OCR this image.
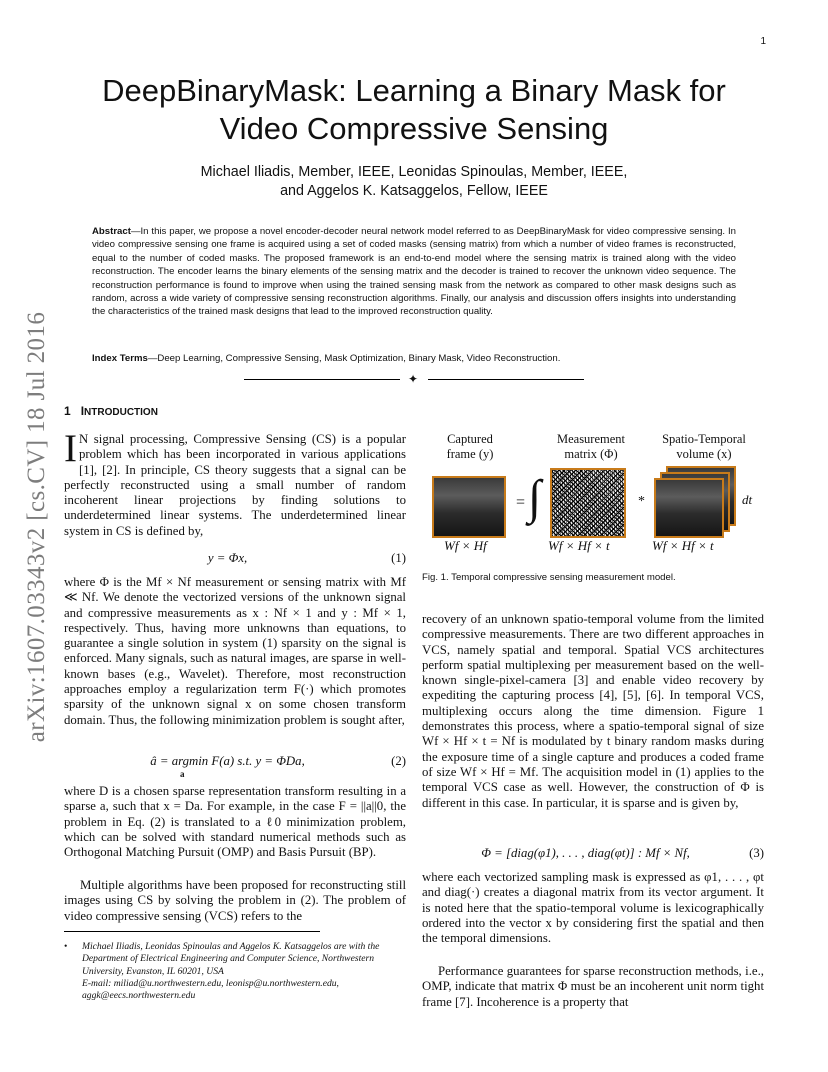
1
arXiv:1607.03343v2 [cs.CV] 18 Jul 2016
DeepBinaryMask: Learning a Binary Mask for
Video Compressive Sensing
Michael Iliadis, Member, IEEE, Leonidas Spinoulas, Member, IEEE,
and Aggelos K. Katsaggelos, Fellow, IEEE
Abstract—In this paper, we propose a novel encoder-decoder neural network model referred to as DeepBinaryMask for video compressive sensing. In video compressive sensing one frame is acquired using a set of coded masks (sensing matrix) from which a number of video frames is reconstructed, equal to the number of coded masks. The proposed framework is an end-to-end model where the sensing matrix is trained along with the video reconstruction. The encoder learns the binary elements of the sensing matrix and the decoder is trained to recover the unknown video sequence. The reconstruction performance is found to improve when using the trained sensing mask from the network as compared to other mask designs such as random, across a wide variety of compressive sensing reconstruction algorithms. Finally, our analysis and discussion offers insights into understanding the characteristics of the trained mask designs that lead to the improved reconstruction quality.
Index Terms—Deep Learning, Compressive Sensing, Mask Optimization, Binary Mask, Video Reconstruction.
✦
1 INTRODUCTION
I N signal processing, Compressive Sensing (CS) is a popular problem which has been incorporated in various applications [1], [2]. In principle, CS theory suggests that a signal can be perfectly reconstructed using a small number of random incoherent linear projections by finding solutions to underdetermined linear systems. The underdetermined linear system in CS is defined by,
y = Φx,	(1)
where Φ is the Mf × Nf measurement or sensing matrix with Mf ≪ Nf. We denote the vectorized versions of the unknown signal and compressive measurements as x : Nf × 1 and y : Mf × 1, respectively. Thus, having more unknowns than equations, to guarantee a single solution in system (1) sparsity on the signal is enforced. Many signals, such as natural images, are sparse in well-known bases (e.g., Wavelet). Therefore, most reconstruction approaches employ a regularization term F(·) which promotes sparsity of the unknown signal x on some chosen transform domain. Thus, the following minimization problem is sought after,
â = argmin F(a) s.t. y = ΦDa,
a
(2)
where D is a chosen sparse representation transform resulting in a sparse a, such that x = Da. For example, in the case F = ||a||0, the problem in Eq. (2) is translated to a ℓ0 minimization problem, which can be solved with standard numerical methods such as Orthogonal Matching Pursuit (OMP) and Basis Pursuit (BP).
Multiple algorithms have been proposed for reconstructing still images using CS by solving the problem in (2). The problem of video compressive sensing (VCS) refers to the
• Michael Iliadis, Leonidas Spinoulas and Aggelos K. Katsaggelos are with the Department of Electrical Engineering and Computer Science, Northwestern University, Evanston, IL 60201, USA
E-mail: miliad@u.northwestern.edu, leonisp@u.northwestern.edu, aggk@eecs.northwestern.edu
Captured
frame (y)
Measurement
matrix (Φ)
Spatio-Temporal
volume (x)
= ∫	*	dt
Wf × Hf	Wf × Hf × t	Wf × Hf × t
Fig. 1. Temporal compressive sensing measurement model.
recovery of an unknown spatio-temporal volume from the limited compressive measurements. There are two different approaches in VCS, namely spatial and temporal. Spatial VCS architectures perform spatial multiplexing per measurement based on the well-known single-pixel-camera [3] and enable video recovery by expediting the capturing process [4], [5], [6]. In temporal VCS, multiplexing occurs along the time dimension. Figure 1 demonstrates this process, where a spatio-temporal signal of size Wf × Hf × t = Nf is modulated by t binary random masks during the exposure time of a single capture and produces a coded frame of size Wf × Hf = Mf. The acquisition model in (1) applies to the temporal VCS case as well. However, the construction of Φ is different in this case. In particular, it is sparse and is given by,
Φ = [diag(φ1), . . . , diag(φt)] : Mf × Nf,	(3)
where each vectorized sampling mask is expressed as φ1, . . . , φt and diag(·) creates a diagonal matrix from its vector argument. It is noted here that the spatio-temporal volume is lexicographically ordered into the vector x by considering first the spatial and then the temporal dimensions.
Performance guarantees for sparse reconstruction methods, i.e., OMP, indicate that matrix Φ must be an incoherent unit norm tight frame [7]. Incoherence is a property that
